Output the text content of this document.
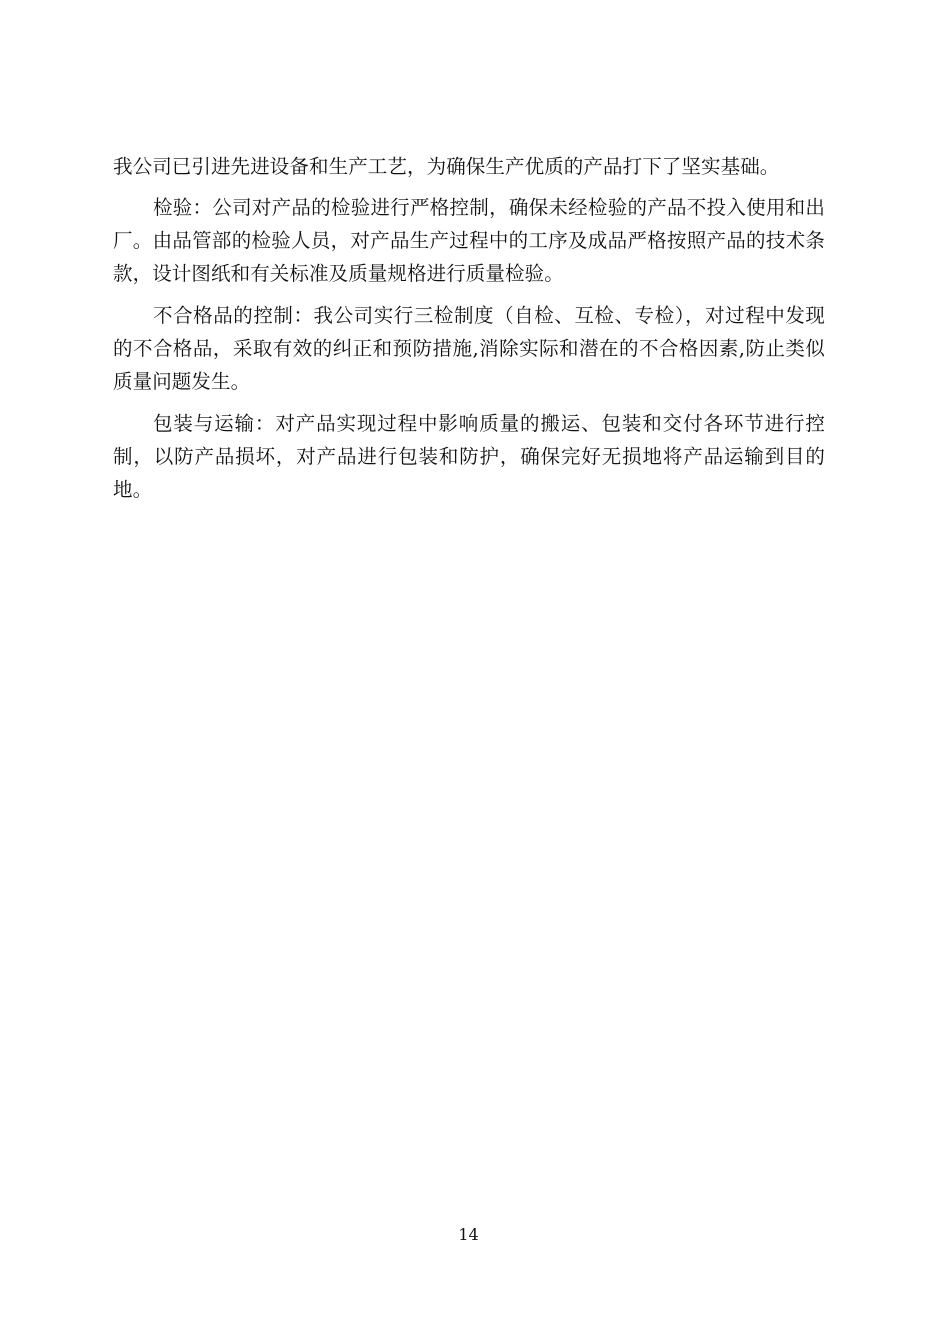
我公司已引进先进设备和生产工艺，为确保生产优质的产品打下了坚实基础。

检验：公司对产品的检验进行严格控制，确保未经检验的产品不投入使用和出厂。由品管部的检验人员，对产品生产过程中的工序及成品严格按照产品的技术条款，设计图纸和有关标准及质量规格进行质量检验。

不合格品的控制：我公司实行三检制度（自检、互检、专检），对过程中发现的不合格品，采取有效的纠正和预防措施,消除实际和潜在的不合格因素,防止类似质量问题发生。

包装与运输：对产品实现过程中影响质量的搬运、包装和交付各环节进行控制，以防产品损坏，对产品进行包装和防护，确保完好无损地将产品运输到目的地。

14
